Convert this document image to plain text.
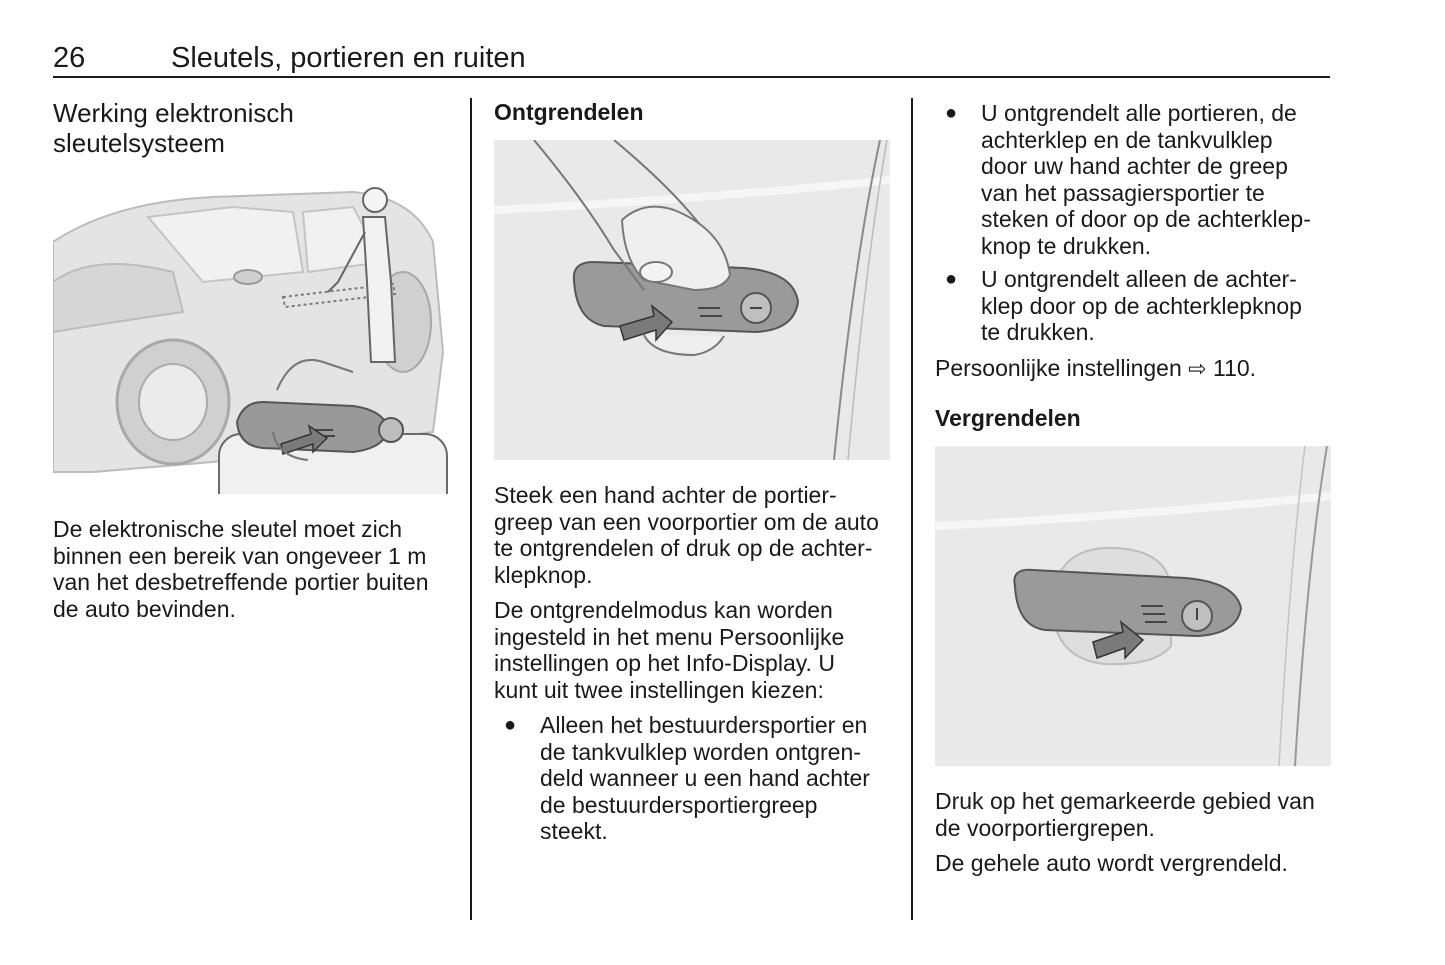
26	Sleutels, portieren en ruiten
Werking elektronisch
sleutelsysteem

De elektronische sleutel moet zich
binnen een bereik van ongeveer 1 m
van het desbetreffende portier buiten
de auto bevinden.

Ontgrendelen

Steek een hand achter de portier-
greep van een voorportier om de auto
te ontgrendelen of druk op de achter-
klepknop.

De ontgrendelmodus kan worden
ingesteld in het menu Persoonlijke
instellingen op het Info-Display. U
kunt uit twee instellingen kiezen:

● Alleen het bestuurdersportier en
de tankvulklep worden ontgren-
deld wanneer u een hand achter
de bestuurdersportiergreep
steekt.
● U ontgrendelt alle portieren, de
achterklep en de tankvulklep
door uw hand achter de greep
van het passagiersportier te
steken of door op de achterklep-
knop te drukken.
● U ontgrendelt alleen de achter-
klep door op de achterklepknop
te drukken.

Persoonlijke instellingen ⇨ 110.

Vergrendelen

Druk op het gemarkeerde gebied van
de voorportiergrepen.

De gehele auto wordt vergrendeld.
